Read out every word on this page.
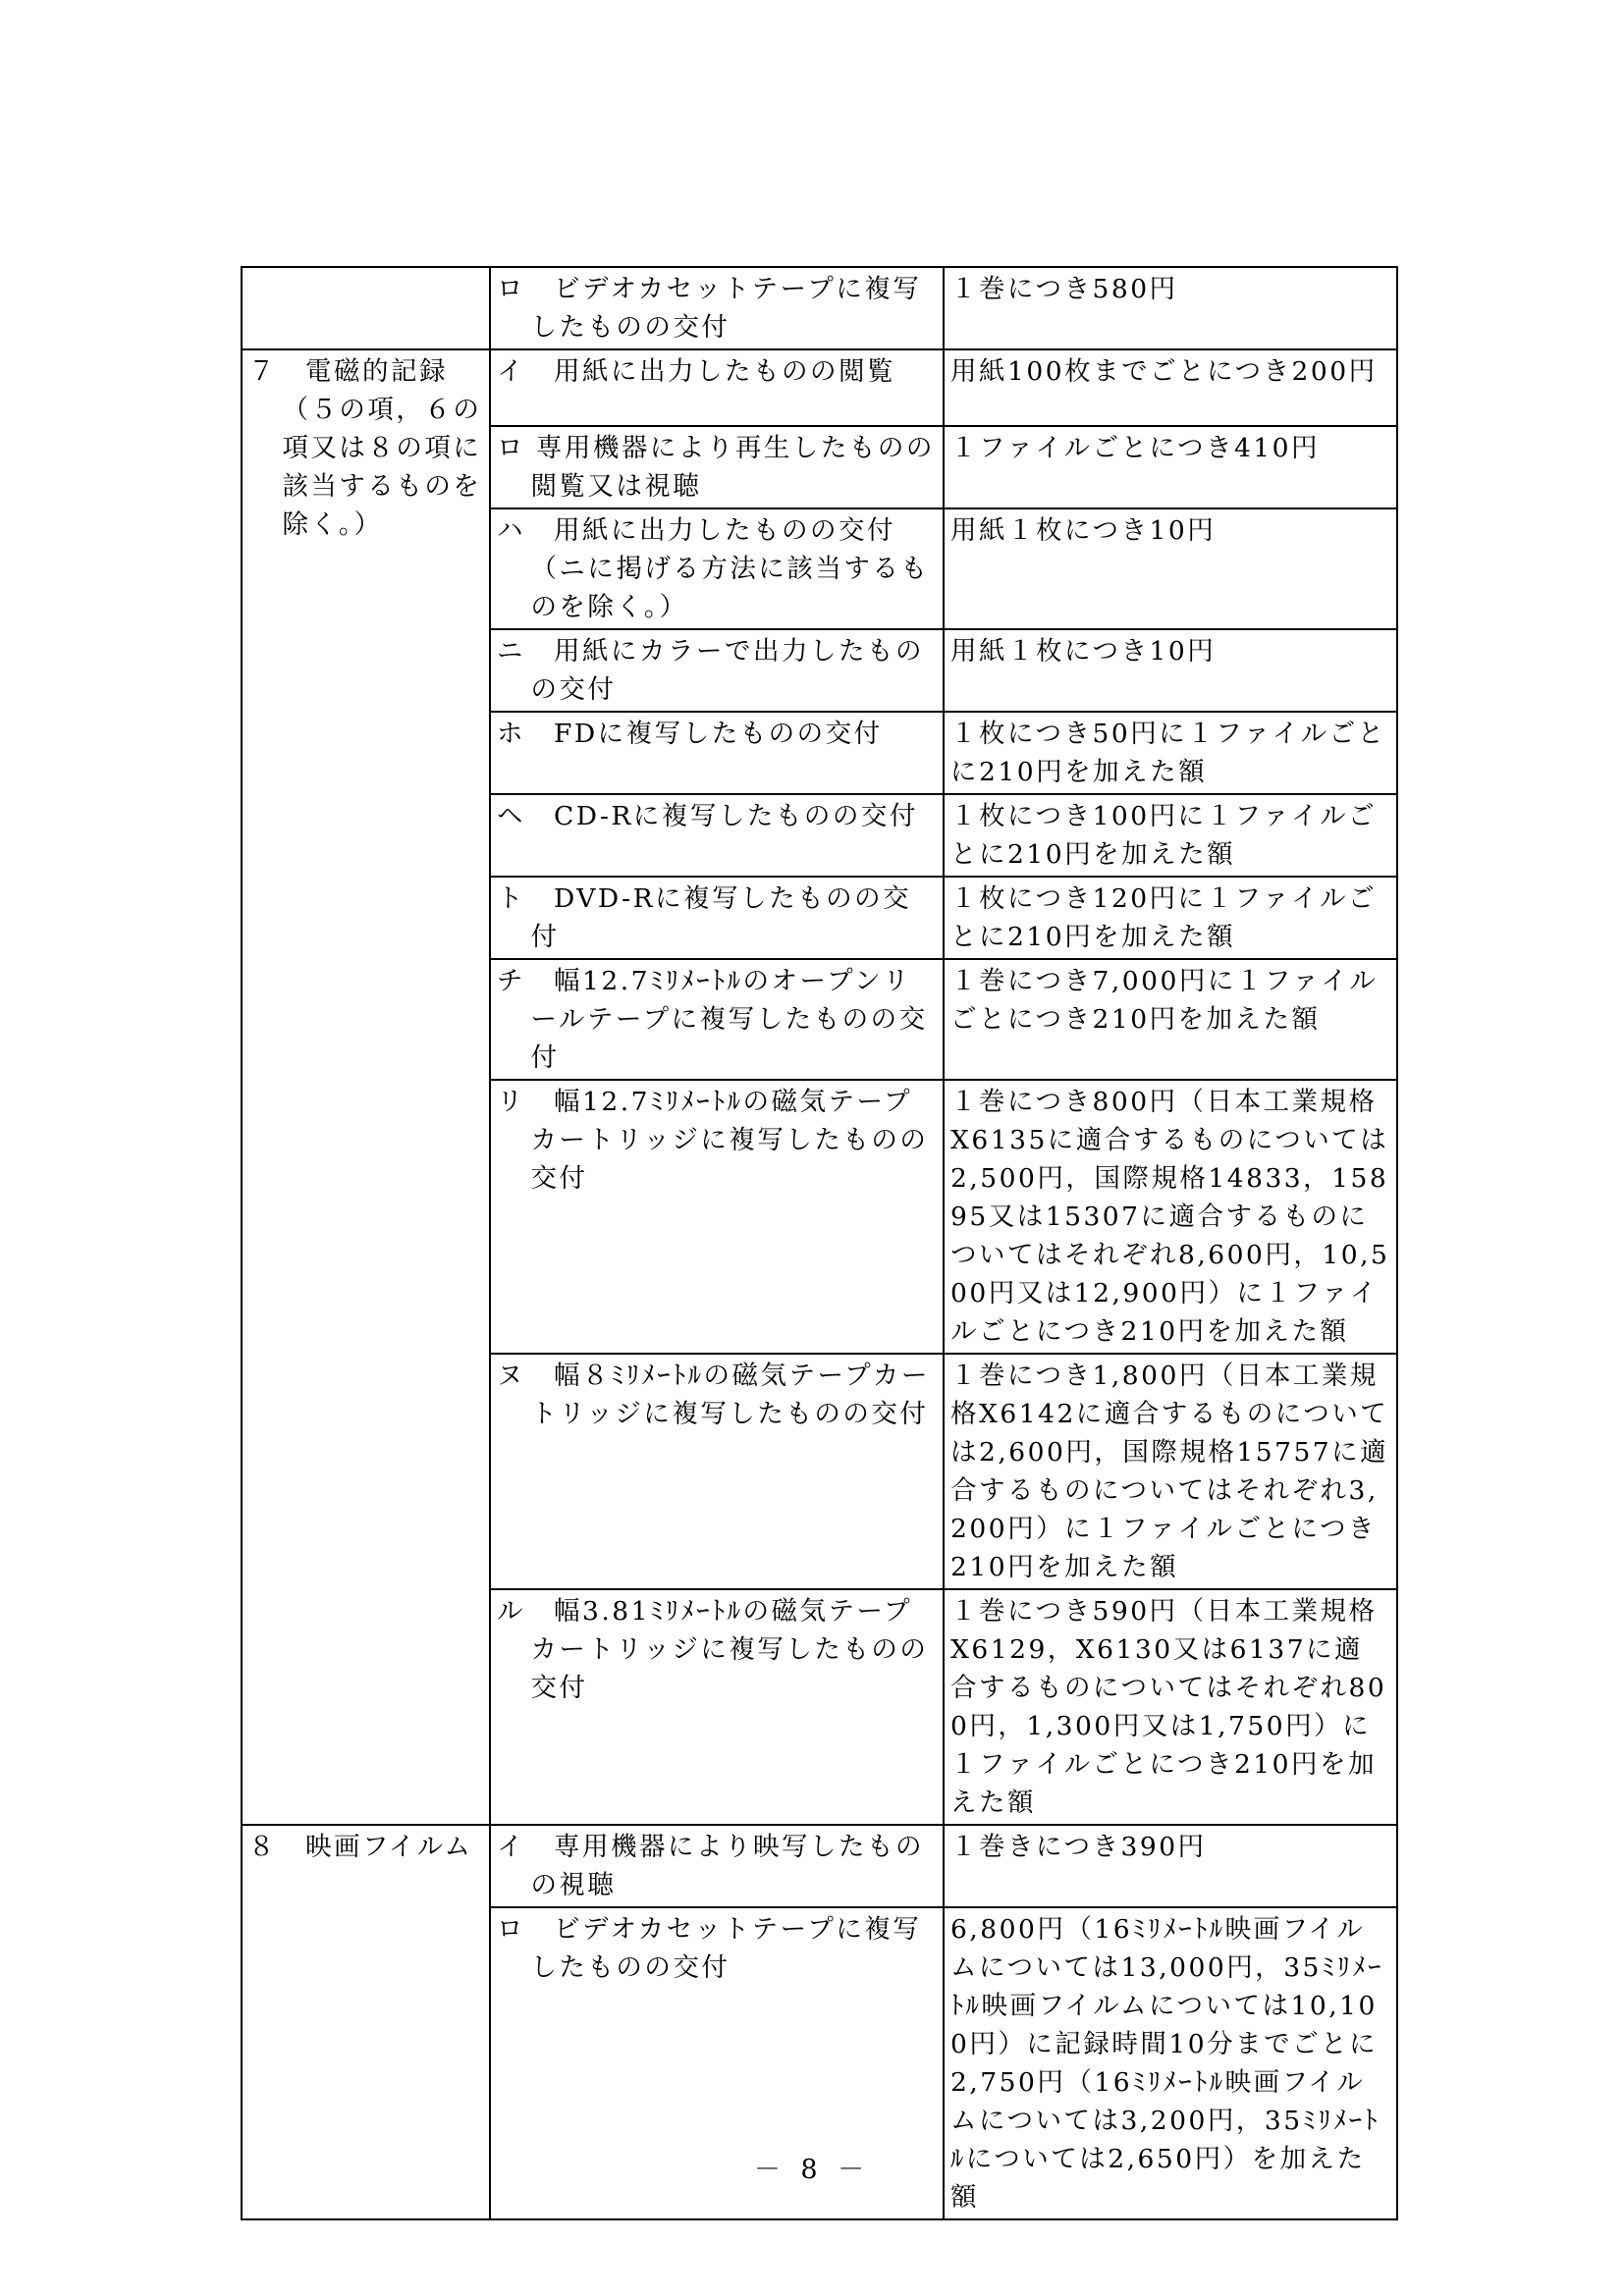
	ロ　ビデオカセットテープに複写したものの交付	１巻につき580円

７　電磁的記録（５の項，６の項又は８の項に該当するものを除く。）	イ　用紙に出力したものの閲覧	用紙100枚までごとにつき200円

	ロ 専用機器により再生したものの閲覧又は視聴	１ファイルごとにつき410円

	ハ　用紙に出力したものの交付（ニに掲げる方法に該当するものを除く。）	用紙１枚につき10円

	ニ　用紙にカラーで出力したものの交付	用紙１枚につき10円

	ホ　FDに複写したものの交付	１枚につき50円に１ファイルごとに210円を加えた額

	ヘ　CD-Rに複写したものの交付	１枚につき100円に１ファイルごとに210円を加えた額

	ト　DVD-Rに複写したものの交付	１枚につき120円に１ファイルごとに210円を加えた額

	チ　幅12.7ﾐﾘﾒｰﾄﾙのオープンリールテープに複写したものの交付	１巻につき7,000円に１ファイルごとにつき210円を加えた額

	リ　幅12.7ﾐﾘﾒｰﾄﾙの磁気テープカートリッジに複写したものの交付	１巻につき800円（日本工業規格X6135に適合するものについては2,500円，国際規格14833，15895又は15307に適合するものについてはそれぞれ8,600円，10,500円又は12,900円）に１ファイルごとにつき210円を加えた額

	ヌ　幅８ﾐﾘﾒｰﾄﾙの磁気テープカートリッジに複写したものの交付	１巻につき1,800円（日本工業規格X6142に適合するものについては2,600円，国際規格15757に適合するものについてはそれぞれ3,200円）に１ファイルごとにつき210円を加えた額

	ル　幅3.81ﾐﾘﾒｰﾄﾙの磁気テープカートリッジに複写したものの交付	１巻につき590円（日本工業規格X6129，X6130又は6137に適合するものについてはそれぞれ800円，1,300円又は1,750円）に１ファイルごとにつき210円を加えた額

８　映画フイルム	イ　専用機器により映写したものの視聴	１巻きにつき390円

	ロ　ビデオカセットテープに複写したものの交付	6,800円（16ﾐﾘﾒｰﾄﾙ映画フイルムについては13,000円，35ﾐﾘﾒｰﾄﾙ映画フイルムについては10,100円）に記録時間10分までごとに2,750円（16ﾐﾘﾒｰﾄﾙ映画フイルムについては3,200円，35ﾐﾘﾒｰﾄﾙについては2,650円）を加えた額
－ 8 －
